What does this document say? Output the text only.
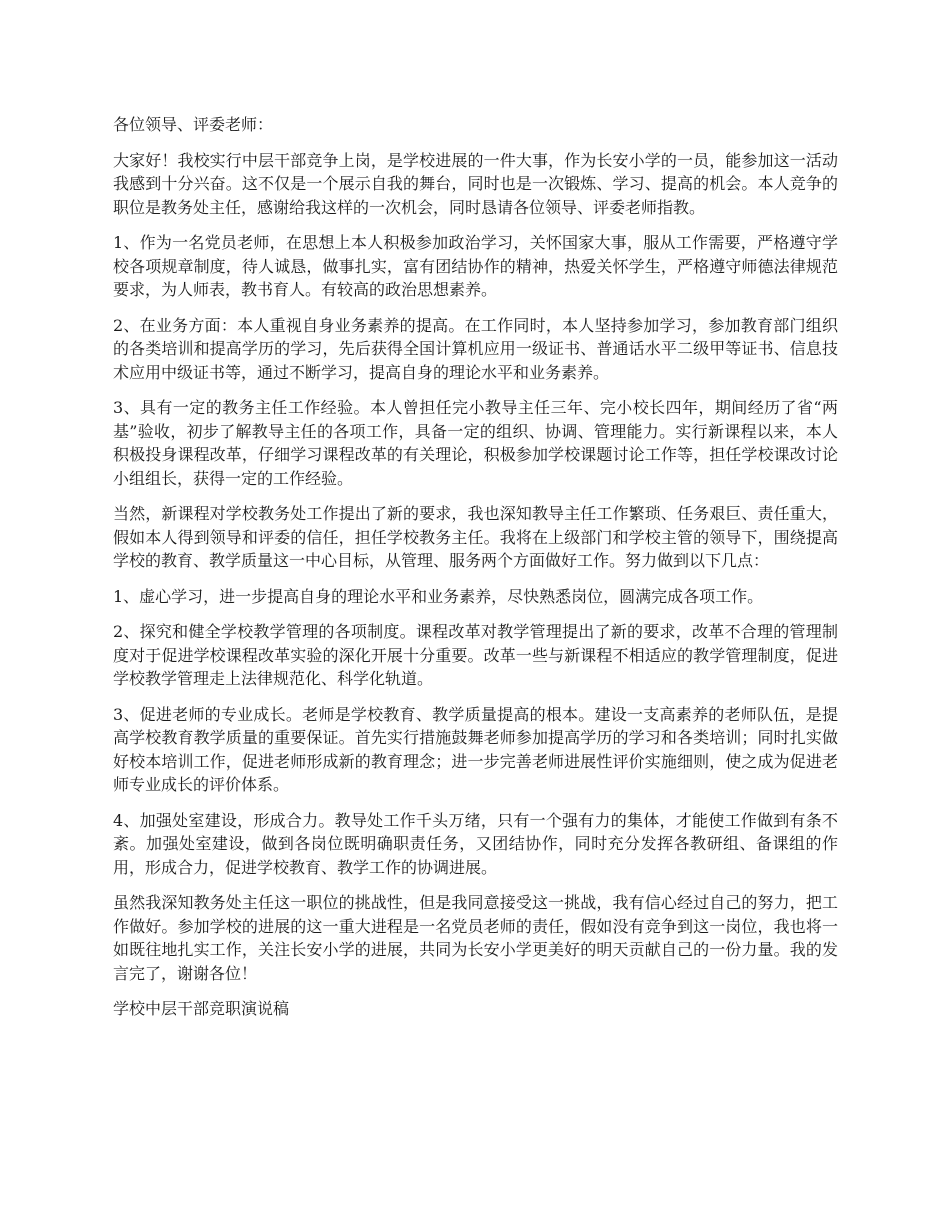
各位领导、评委老师：

大家好！我校实行中层干部竞争上岗，是学校进展的一件大事，作为长安小学的一员，能参加这一活动我感到十分兴奋。这不仅是一个展示自我的舞台，同时也是一次锻炼、学习、提高的机会。本人竞争的职位是教务处主任，感谢给我这样的一次机会，同时恳请各位领导、评委老师指教。

1、作为一名党员老师，在思想上本人积极参加政治学习，关怀国家大事，服从工作需要，严格遵守学校各项规章制度，待人诚恳，做事扎实，富有团结协作的精神，热爱关怀学生，严格遵守师德法律规范要求，为人师表，教书育人。有较高的政治思想素养。

2、在业务方面：本人重视自身业务素养的提高。在工作同时，本人坚持参加学习，参加教育部门组织的各类培训和提高学历的学习，先后获得全国计算机应用一级证书、普通话水平二级甲等证书、信息技术应用中级证书等，通过不断学习，提高自身的理论水平和业务素养。

3、具有一定的教务主任工作经验。本人曾担任完小教导主任三年、完小校长四年，期间经历了省“两基”验收，初步了解教导主任的各项工作，具备一定的组织、协调、管理能力。实行新课程以来，本人积极投身课程改革，仔细学习课程改革的有关理论，积极参加学校课题讨论工作等，担任学校课改讨论小组组长，获得一定的工作经验。

当然，新课程对学校教务处工作提出了新的要求，我也深知教导主任工作繁琐、任务艰巨、责任重大，假如本人得到领导和评委的信任，担任学校教务主任。我将在上级部门和学校主管的领导下，围绕提高学校的教育、教学质量这一中心目标，从管理、服务两个方面做好工作。努力做到以下几点：

1、虚心学习，进一步提高自身的理论水平和业务素养，尽快熟悉岗位，圆满完成各项工作。

2、探究和健全学校教学管理的各项制度。课程改革对教学管理提出了新的要求，改革不合理的管理制度对于促进学校课程改革实验的深化开展十分重要。改革一些与新课程不相适应的教学管理制度，促进学校教学管理走上法律规范化、科学化轨道。

3、促进老师的专业成长。老师是学校教育、教学质量提高的根本。建设一支高素养的老师队伍，是提高学校教育教学质量的重要保证。首先实行措施鼓舞老师参加提高学历的学习和各类培训；同时扎实做好校本培训工作，促进老师形成新的教育理念；进一步完善老师进展性评价实施细则，使之成为促进老师专业成长的评价体系。

4、加强处室建设，形成合力。教导处工作千头万绪，只有一个强有力的集体，才能使工作做到有条不紊。加强处室建设，做到各岗位既明确职责任务，又团结协作，同时充分发挥各教研组、备课组的作用，形成合力，促进学校教育、教学工作的协调进展。

虽然我深知教务处主任这一职位的挑战性，但是我同意接受这一挑战，我有信心经过自己的努力，把工作做好。参加学校的进展的这一重大进程是一名党员老师的责任，假如没有竞争到这一岗位，我也将一如既往地扎实工作，关注长安小学的进展，共同为长安小学更美好的明天贡献自己的一份力量。我的发言完了，谢谢各位！

学校中层干部竞职演说稿
